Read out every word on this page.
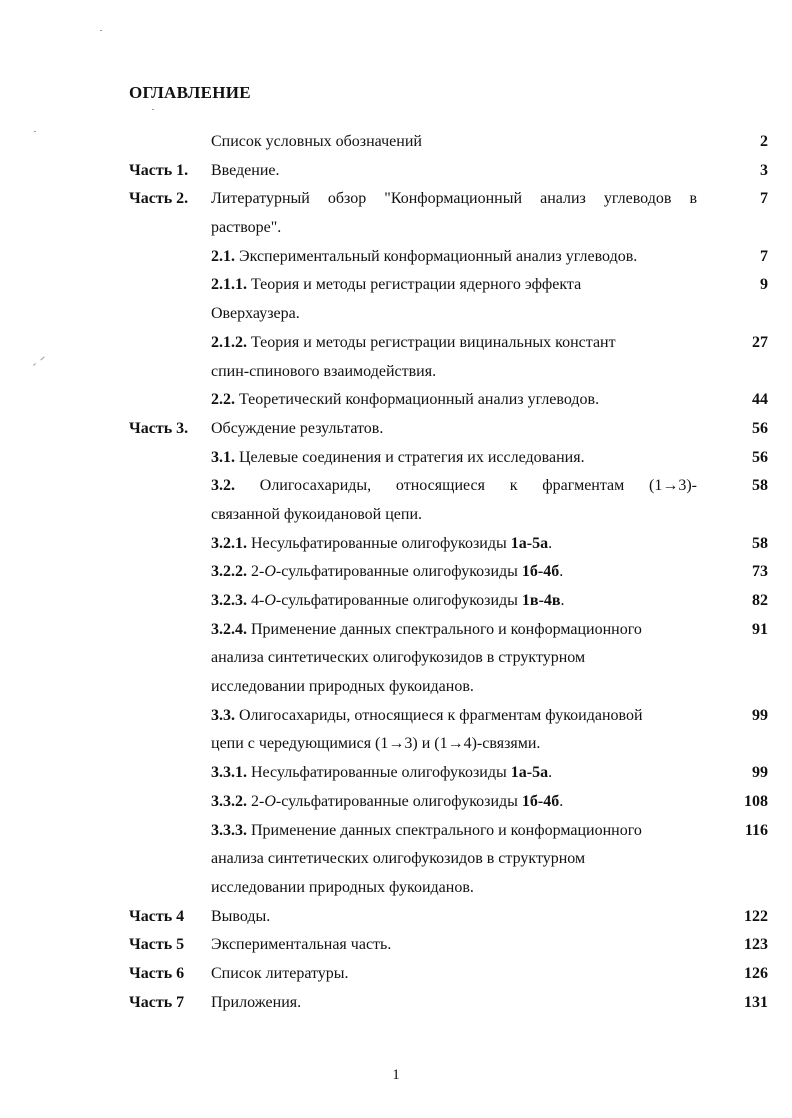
ОГЛАВЛЕНИЕ
Список условных обозначений	2
Часть 1. Введение.	3
Часть 2. Литературный обзор "Конформационный анализ углеводов в	7
растворе".
2.1. Экспериментальный конформационный анализ углеводов.	7
2.1.1. Теория и методы регистрации ядерного эффекта	9
Оверхаузера.
2.1.2. Теория и методы регистрации вицинальных констант	27
спин-спинового взаимодействия.
2.2. Теоретический конформационный анализ углеводов.	44
Часть 3. Обсуждение результатов.	56
3.1. Целевые соединения и стратегия их исследования.	56
3.2. Олигосахариды, относящиеся к фрагментам (1→3)-	58
связанной фукоидановой цепи.
3.2.1. Несульфатированные олигофукозиды 1а-5а.	58
3.2.2. 2-O-сульфатированные олигофукозиды 1б-4б.	73
3.2.3. 4-O-сульфатированные олигофукозиды 1в-4в.	82
3.2.4. Применение данных спектрального и конформационного	91
анализа синтетических олигофукозидов в структурном
исследовании природных фукоиданов.
3.3. Олигосахариды, относящиеся к фрагментам фукоидановой	99
цепи с чередующимися (1→3) и (1→4)-связями.
3.3.1. Несульфатированные олигофукозиды 1а-5а.	99
3.3.2. 2-O-сульфатированные олигофукозиды 1б-4б.	108
3.3.3. Применение данных спектрального и конформационного	116
анализа синтетических олигофукозидов в структурном
исследовании природных фукоиданов.
Часть 4 Выводы.	122
Часть 5 Экспериментальная часть.	123
Часть 6 Список литературы.	126
Часть 7 Приложения.	131
1
